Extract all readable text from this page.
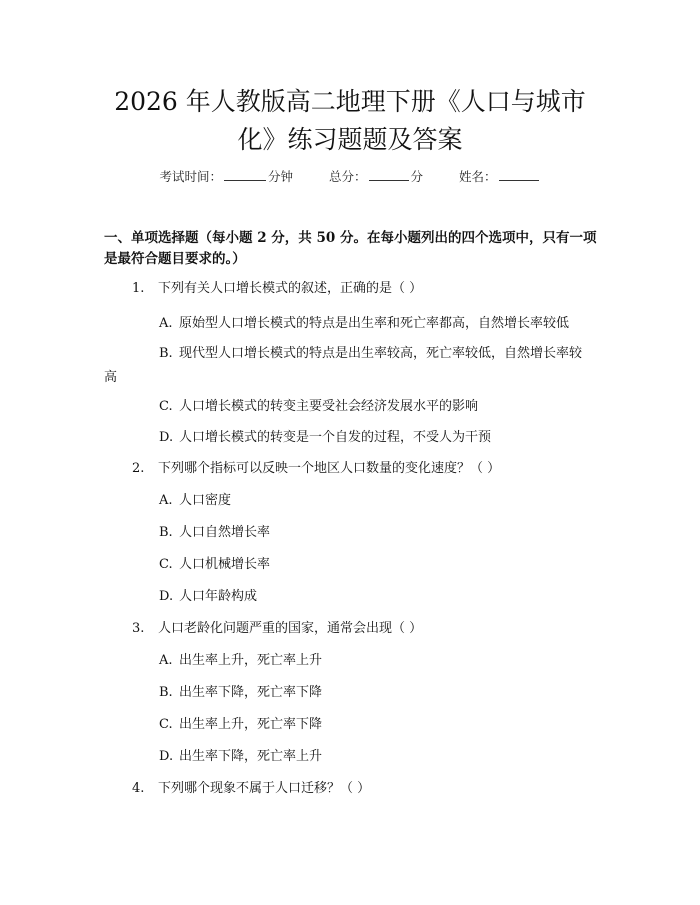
2026 年人教版高二地理下册《人口与城市
化》练习题题及答案
考试时间：	分钟	总分：	分	姓名：
一、单项选择题（每小题 2 分，共 50 分。在每小题列出的四个选项中，只有一项是最符合题目要求的。）
1. 下列有关人口增长模式的叙述，正确的是（ ）
A. 原始型人口增长模式的特点是出生率和死亡率都高，自然增长率较低

B. 现代型人口增长模式的特点是出生率较高，死亡率较低，自然增长率较高

C. 人口增长模式的转变主要受社会经济发展水平的影响
D. 人口增长模式的转变是一个自发的过程，不受人为干预
2. 下列哪个指标可以反映一个地区人口数量的变化速度？（ ）
A. 人口密度
B. 人口自然增长率
C. 人口机械增长率
D. 人口年龄构成
3. 人口老龄化问题严重的国家，通常会出现（ ）
A. 出生率上升，死亡率上升
B. 出生率下降，死亡率下降
C. 出生率上升，死亡率下降
D. 出生率下降，死亡率上升
4. 下列哪个现象不属于人口迁移？（ ）
